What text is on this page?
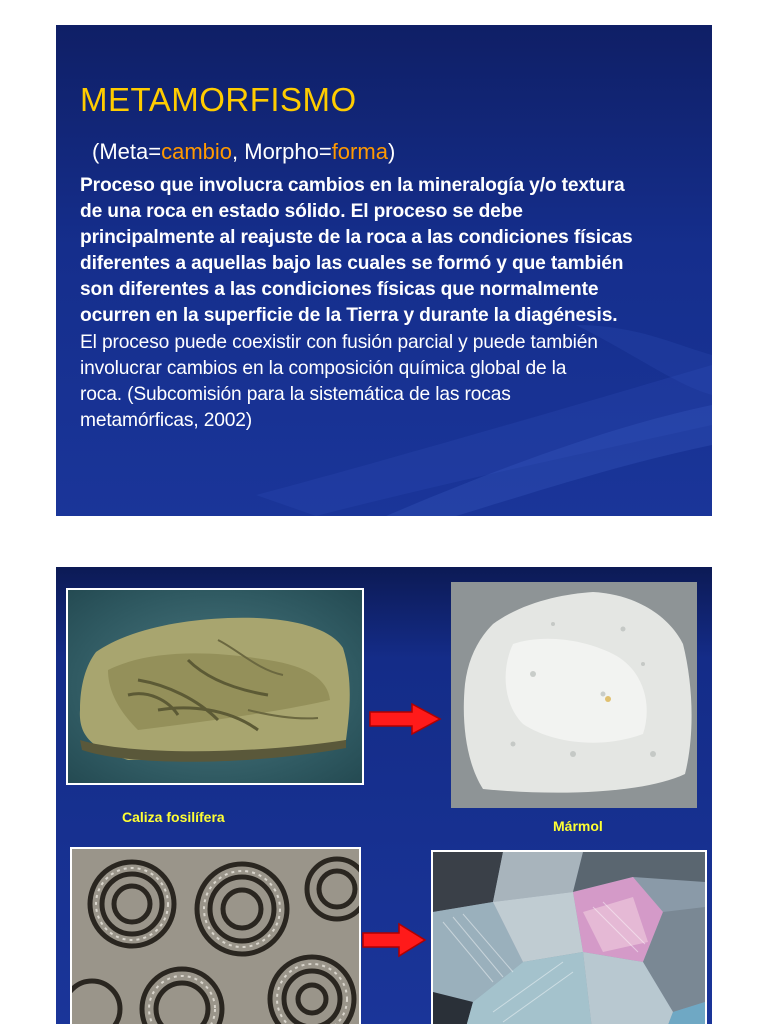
METAMORFISMO
(Meta=cambio, Morpho=forma)
Proceso que involucra cambios en la mineralogía y/o textura
de una roca en estado sólido. El proceso se debe
principalmente al reajuste de la roca a las condiciones físicas
diferentes a aquellas bajo las cuales se formó y que también
son diferentes a las condiciones físicas que normalmente
ocurren en la superficie de la Tierra y durante la diagénesis.
El proceso puede coexistir con fusión parcial y puede también
involucrar cambios en la composición química global de la
roca. (Subcomisión para la sistemática de las rocas
metamórficas, 2002)
Caliza fosilífera
Mármol
